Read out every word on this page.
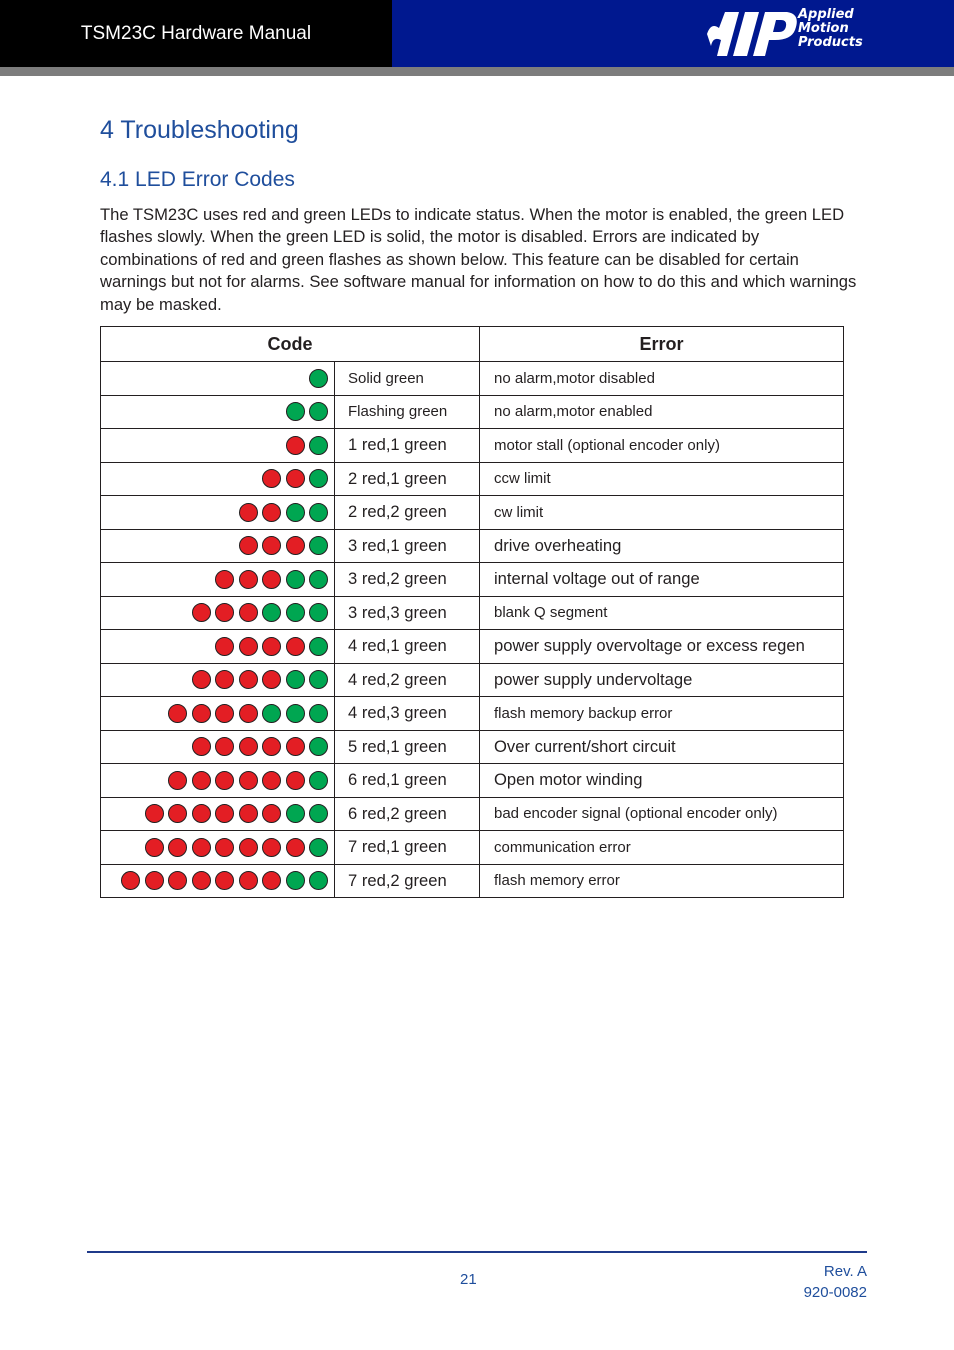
TSM23C Hardware Manual
Applied
Motion
Products
4 Troubleshooting
4.1 LED Error Codes

The TSM23C uses red and green LEDs to indicate status. When the motor is enabled, the green LED flashes slowly. When the green LED is solid, the motor is disabled. Errors are indicated by combinations of red and green flashes as shown below. This feature can be disabled for certain warnings but not for alarms. See software manual for information on how to do this and which warnings may be masked.

Code		Error
	Solid green	no alarm,motor disabled
	Flashing green	no alarm,motor enabled
	1 red,1 green	motor stall (optional encoder only)
	2 red,1 green	ccw limit
	2 red,2 green	cw limit
	3 red,1 green	drive overheating
	3 red,2 green	internal voltage out of range
	3 red,3 green	blank Q segment
	4 red,1 green	power supply overvoltage or excess regen
	4 red,2 green	power supply undervoltage
	4 red,3 green	flash memory backup error
	5 red,1 green	Over current/short circuit
	6 red,1 green	Open motor winding
	6 red,2 green	bad encoder signal (optional encoder only)
	7 red,1 green	communication error
	7 red,2 green	flash memory error
21	Rev. A
920-0082
